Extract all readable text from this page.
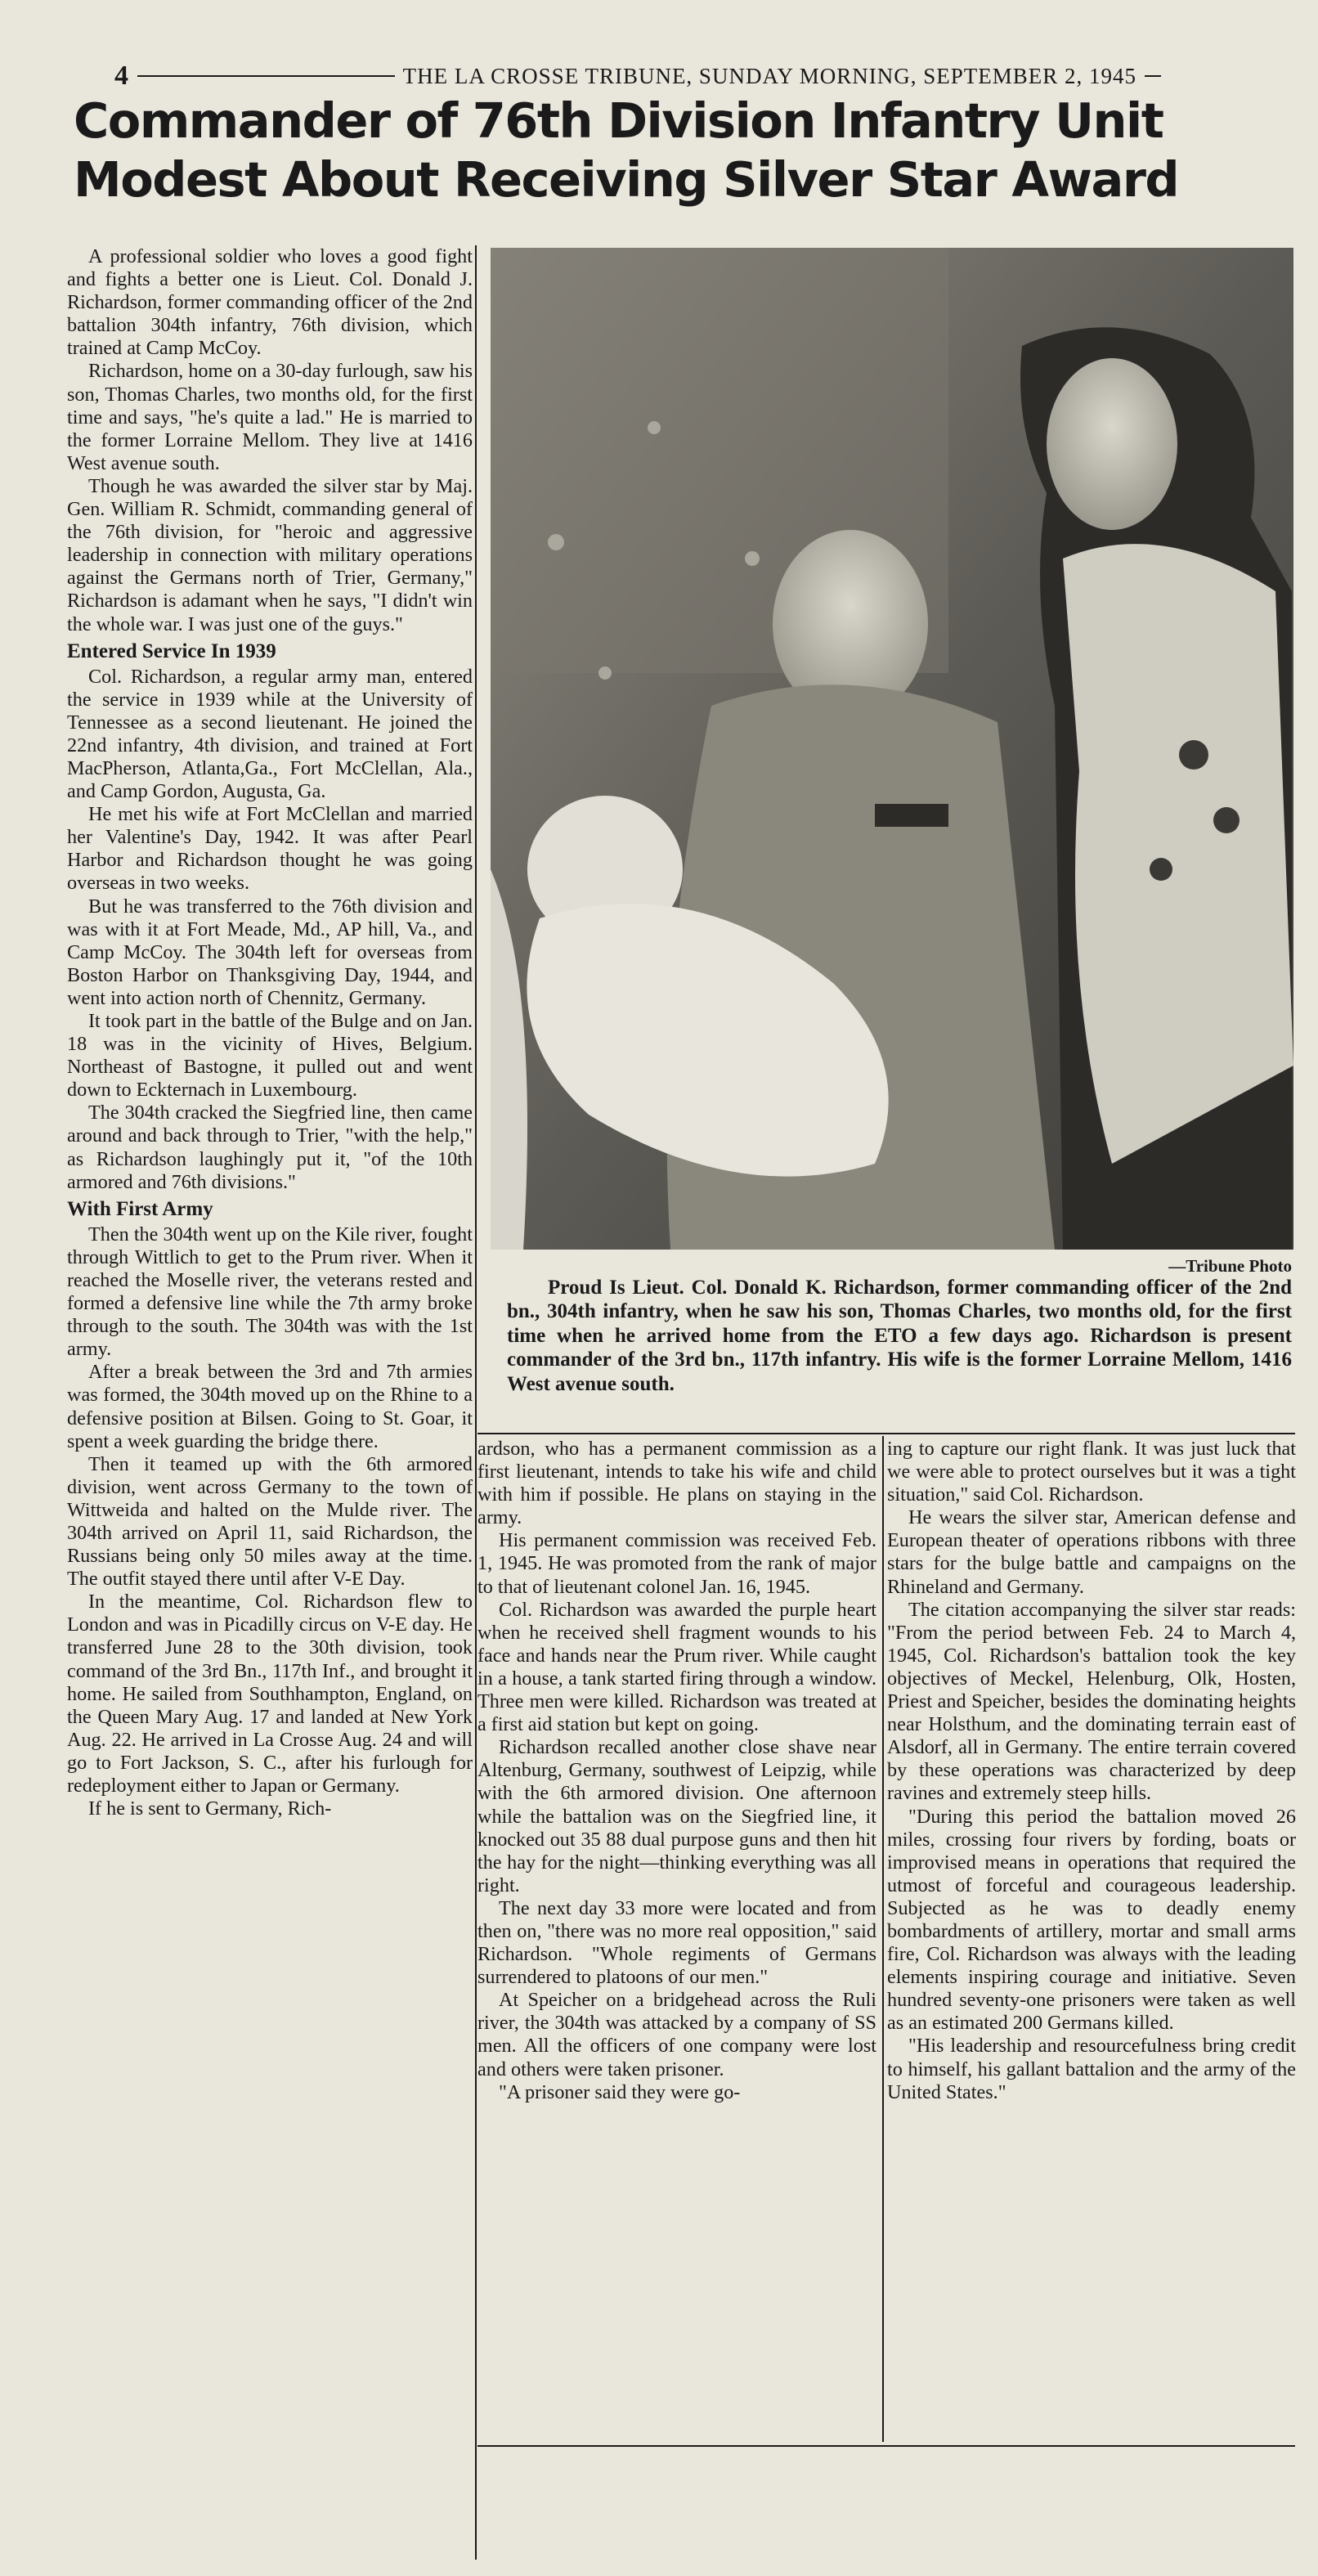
4	THE LA CROSSE TRIBUNE, SUNDAY MORNING, SEPTEMBER 2, 1945
Commander of 76th Division Infantry Unit Modest About Receiving Silver Star Award

A professional soldier who loves a good fight and fights a better one is Lieut. Col. Donald J. Richardson, former commanding officer of the 2nd battalion 304th infantry, 76th division, which trained at Camp McCoy.

Richardson, home on a 30-day furlough, saw his son, Thomas Charles, two months old, for the first time and says, "he's quite a lad." He is married to the former Lorraine Mellom. They live at 1416 West avenue south.

Though he was awarded the silver star by Maj. Gen. William R. Schmidt, commanding general of the 76th division, for "heroic and aggressive leadership in connection with military operations against the Germans north of Trier, Germany," Richardson is adamant when he says, "I didn't win the whole war. I was just one of the guys."

Entered Service In 1939

Col. Richardson, a regular army man, entered the service in 1939 while at the University of Tennessee as a second lieutenant. He joined the 22nd infantry, 4th division, and trained at Fort MacPherson, Atlanta,Ga., Fort McClellan, Ala., and Camp Gordon, Augusta, Ga.

He met his wife at Fort McClellan and married her Valentine's Day, 1942. It was after Pearl Harbor and Richardson thought he was going overseas in two weeks.

But he was transferred to the 76th division and was with it at Fort Meade, Md., AP hill, Va., and Camp McCoy. The 304th left for overseas from Boston Harbor on Thanksgiving Day, 1944, and went into action north of Chennitz, Germany.

It took part in the battle of the Bulge and on Jan. 18 was in the vicinity of Hives, Belgium. Northeast of Bastogne, it pulled out and went down to Eckternach in Luxembourg.

The 304th cracked the Siegfried line, then came around and back through to Trier, "with the help," as Richardson laughingly put it, "of the 10th armored and 76th divisions."

With First Army

Then the 304th went up on the Kile river, fought through Wittlich to get to the Prum river. When it reached the Moselle river, the veterans rested and formed a defensive line while the 7th army broke through to the south. The 304th was with the 1st army.

After a break between the 3rd and 7th armies was formed, the 304th moved up on the Rhine to a defensive position at Bilsen. Going to St. Goar, it spent a week guarding the bridge there.

Then it teamed up with the 6th armored division, went across Germany to the town of Wittweida and halted on the Mulde river. The 304th arrived on April 11, said Richardson, the Russians being only 50 miles away at the time. The outfit stayed there until after V-E Day.

In the meantime, Col. Richardson flew to London and was in Picadilly circus on V-E day. He transferred June 28 to the 30th division, took command of the 3rd Bn., 117th Inf., and brought it home. He sailed from Southhampton, England, on the Queen Mary Aug. 17 and landed at New York Aug. 22. He arrived in La Crosse Aug. 24 and will go to Fort Jackson, S. C., after his furlough for redeployment either to Japan or Germany.

If he is sent to Germany, Rich-

—Tribune Photo
Proud Is Lieut. Col. Donald K. Richardson, former commanding officer of the 2nd bn., 304th infantry, when he saw his son, Thomas Charles, two months old, for the first time when he arrived home from the ETO a few days ago. Richardson is present commander of the 3rd bn., 117th infantry. His wife is the former Lorraine Mellom, 1416 West avenue south.

ardson, who has a permanent commission as a first lieutenant, intends to take his wife and child with him if possible. He plans on staying in the army.

His permanent commission was received Feb. 1, 1945. He was promoted from the rank of major to that of lieutenant colonel Jan. 16, 1945.

Col. Richardson was awarded the purple heart when he received shell fragment wounds to his face and hands near the Prum river. While caught in a house, a tank started firing through a window. Three men were killed. Richardson was treated at a first aid station but kept on going.

Richardson recalled another close shave near Altenburg, Germany, southwest of Leipzig, while with the 6th armored division. One afternoon while the battalion was on the Siegfried line, it knocked out 35 88 dual purpose guns and then hit the hay for the night—thinking everything was all right.

The next day 33 more were located and from then on, "there was no more real opposition," said Richardson. "Whole regiments of Germans surrendered to platoons of our men."

At Speicher on a bridgehead across the Ruli river, the 304th was attacked by a company of SS men. All the officers of one company were lost and others were taken prisoner.

"A prisoner said they were go-

ing to capture our right flank. It was just luck that we were able to protect ourselves but it was a tight situation," said Col. Richardson.

He wears the silver star, American defense and European theater of operations ribbons with three stars for the bulge battle and campaigns on the Rhineland and Germany.

The citation accompanying the silver star reads: "From the period between Feb. 24 to March 4, 1945, Col. Richardson's battalion took the key objectives of Meckel, Helenburg, Olk, Hosten, Priest and Speicher, besides the dominating heights near Holsthum, and the dominating terrain east of Alsdorf, all in Germany. The entire terrain covered by these operations was characterized by deep ravines and extremely steep hills.

"During this period the battalion moved 26 miles, crossing four rivers by fording, boats or improvised means in operations that required the utmost of forceful and courageous leadership. Subjected as he was to deadly enemy bombardments of artillery, mortar and small arms fire, Col. Richardson was always with the leading elements inspiring courage and initiative. Seven hundred seventy-one prisoners were taken as well as an estimated 200 Germans killed.

"His leadership and resourcefulness bring credit to himself, his gallant battalion and the army of the United States."
